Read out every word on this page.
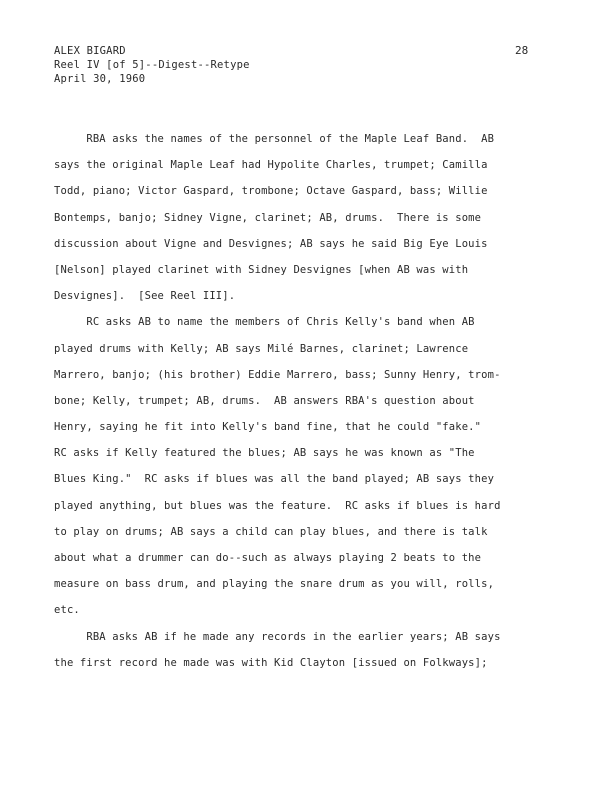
ALEX BIGARD
Reel IV [of 5]--Digest--Retype
April 30, 1960
28
RBA asks the names of the personnel of the Maple Leaf Band.  AB
says the original Maple Leaf had Hypolite Charles, trumpet; Camilla
Todd, piano; Victor Gaspard, trombone; Octave Gaspard, bass; Willie
Bontemps, banjo; Sidney Vigne, clarinet; AB, drums.  There is some
discussion about Vigne and Desvignes; AB says he said Big Eye Louis
[Nelson] played clarinet with Sidney Desvignes [when AB was with
Desvignes].  [See Reel III].
RC asks AB to name the members of Chris Kelly's band when AB
played drums with Kelly; AB says Milé Barnes, clarinet; Lawrence
Marrero, banjo; (his brother) Eddie Marrero, bass; Sunny Henry, trom-
bone; Kelly, trumpet; AB, drums.  AB answers RBA's question about
Henry, saying he fit into Kelly's band fine, that he could "fake."
RC asks if Kelly featured the blues; AB says he was known as "The
Blues King."  RC asks if blues was all the band played; AB says they
played anything, but blues was the feature.  RC asks if blues is hard
to play on drums; AB says a child can play blues, and there is talk
about what a drummer can do--such as always playing 2 beats to the
measure on bass drum, and playing the snare drum as you will, rolls,
etc.
RBA asks AB if he made any records in the earlier years; AB says
the first record he made was with Kid Clayton [issued on Folkways];
